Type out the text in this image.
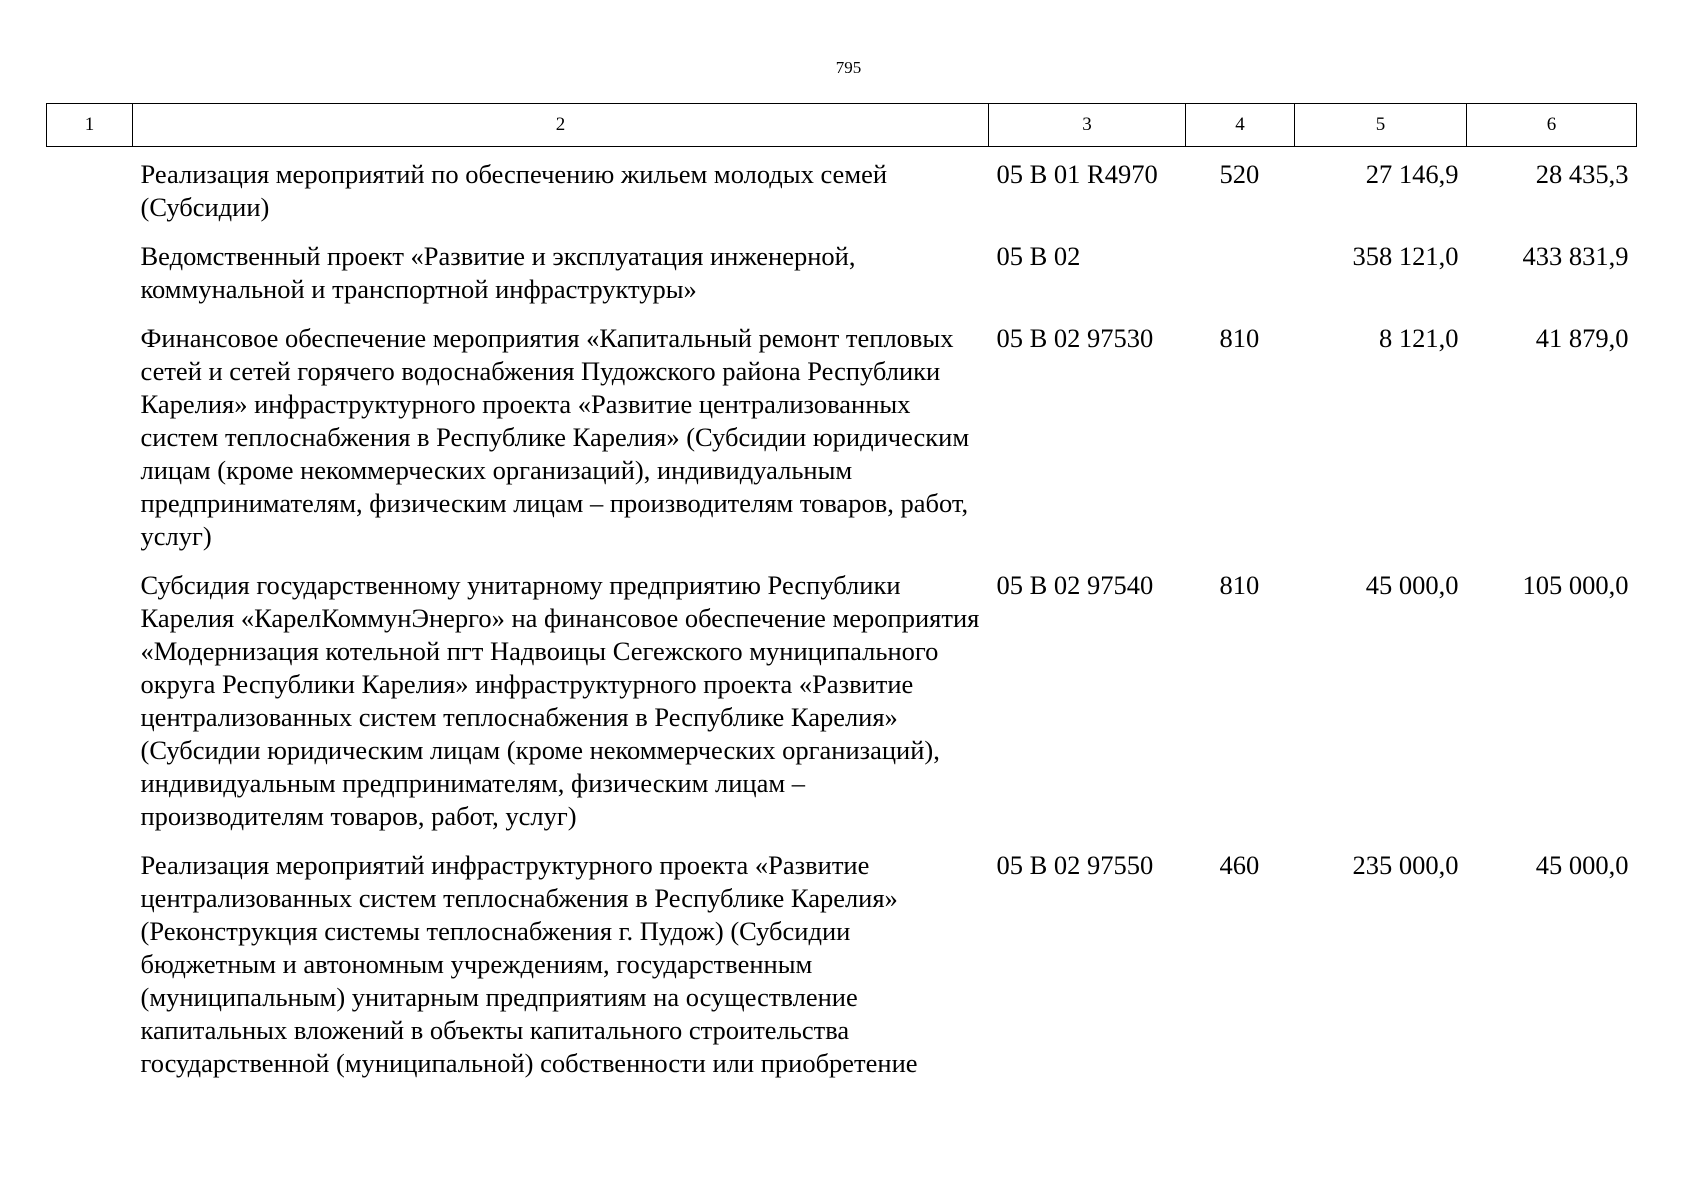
795
1	2	3	4	5	6
	Реализация мероприятий по обеспечению жильем молодых семей (Субсидии)	05 В 01 R4970	520	27 146,9	28 435,3
	Ведомственный проект «Развитие и эксплуатация инженерной, коммунальной и транспортной инфраструктуры»	05 В 02		358 121,0	433 831,9
	Финансовое обеспечение мероприятия «Капитальный ремонт тепловых сетей и сетей горячего водоснабжения Пудожского района Республики Карелия» инфраструктурного проекта «Развитие централизованных систем теплоснабжения в Республике Карелия» (Субсидии юридическим лицам (кроме некоммерческих организаций), индивидуальным предпринимателям, физическим лицам – производителям товаров, работ, услуг)	05 В 02 97530	810	8 121,0	41 879,0
	Субсидия государственному унитарному предприятию Республики Карелия «КарелКоммунЭнерго» на финансовое обеспечение мероприятия «Модернизация котельной пгт Надвоицы Сегежского муниципального округа Республики Карелия» инфраструктурного проекта «Развитие централизованных систем теплоснабжения в Республике Карелия» (Субсидии юридическим лицам (кроме некоммерческих организаций), индивидуальным предпринимателям, физическим лицам – производителям товаров, работ, услуг)	05 В 02 97540	810	45 000,0	105 000,0
	Реализация мероприятий инфраструктурного проекта «Развитие централизованных систем теплоснабжения в Республике Карелия» (Реконструкция системы теплоснабжения г. Пудож) (Субсидии бюджетным и автономным учреждениям, государственным (муниципальным) унитарным предприятиям на осуществление капитальных вложений в объекты капитального строительства государственной (муниципальной) собственности или приобретение	05 В 02 97550	460	235 000,0	45 000,0
